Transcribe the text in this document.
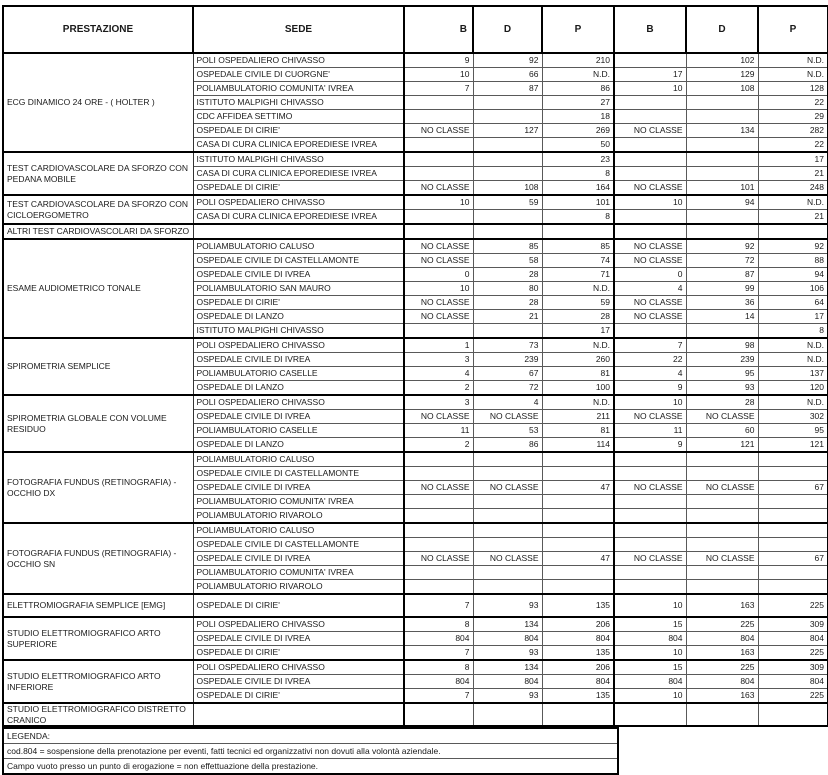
PRESTAZIONE	SEDE	B	D	P	B	D	P
ECG DINAMICO 24 ORE - ( HOLTER )	POLI OSPEDALIERO CHIVASSO	9	92	210		102	N.D.
	OSPEDALE CIVILE DI CUORGNE'	10	66	N.D.	17	129	N.D.
	POLIAMBULATORIO COMUNITA' IVREA	7	87	86	10	108	128
	ISTITUTO MALPIGHI CHIVASSO			27			22
	CDC AFFIDEA SETTIMO			18			29
	OSPEDALE DI CIRIE'	NO CLASSE	127	269	NO CLASSE	134	282
	CASA DI CURA CLINICA EPOREDIESE IVREA			50			22
TEST CARDIOVASCOLARE DA SFORZO CON PEDANA MOBILE	ISTITUTO MALPIGHI CHIVASSO			23			17
	CASA DI CURA CLINICA EPOREDIESE IVREA			8			21
	OSPEDALE DI CIRIE'	NO CLASSE	108	164	NO CLASSE	101	248
TEST CARDIOVASCOLARE DA SFORZO CON CICLOERGOMETRO	POLI OSPEDALIERO CHIVASSO	10	59	101	10	94	N.D.
	CASA DI CURA CLINICA EPOREDIESE IVREA			8			21
ALTRI TEST CARDIOVASCOLARI DA SFORZO							
ESAME AUDIOMETRICO TONALE	POLIAMBULATORIO CALUSO	NO CLASSE	85	85	NO CLASSE	92	92
	OSPEDALE CIVILE DI CASTELLAMONTE	NO CLASSE	58	74	NO CLASSE	72	88
	OSPEDALE CIVILE DI IVREA	0	28	71	0	87	94
	POLIAMBULATORIO SAN MAURO	10	80	N.D.	4	99	106
	OSPEDALE DI CIRIE'	NO CLASSE	28	59	NO CLASSE	36	64
	OSPEDALE DI LANZO	NO CLASSE	21	28	NO CLASSE	14	17
	ISTITUTO MALPIGHI CHIVASSO			17			8
SPIROMETRIA SEMPLICE	POLI OSPEDALIERO CHIVASSO	1	73	N.D.	7	98	N.D.
	OSPEDALE CIVILE DI IVREA	3	239	260	22	239	N.D.
	POLIAMBULATORIO CASELLE	4	67	81	4	95	137
	OSPEDALE DI LANZO	2	72	100	9	93	120
SPIROMETRIA GLOBALE CON VOLUME RESIDUO	POLI OSPEDALIERO CHIVASSO	3	4	N.D.	10	28	N.D.
	OSPEDALE CIVILE DI IVREA	NO CLASSE	NO CLASSE	211	NO CLASSE	NO CLASSE	302
	POLIAMBULATORIO CASELLE	11	53	81	11	60	95
	OSPEDALE DI LANZO	2	86	114	9	121	121
FOTOGRAFIA FUNDUS (RETINOGRAFIA) - OCCHIO DX	POLIAMBULATORIO CALUSO						
	OSPEDALE CIVILE DI CASTELLAMONTE						
	OSPEDALE CIVILE DI IVREA	NO CLASSE	NO CLASSE	47	NO CLASSE	NO CLASSE	67
	POLIAMBULATORIO COMUNITA' IVREA						
	POLIAMBULATORIO RIVAROLO						
FOTOGRAFIA FUNDUS (RETINOGRAFIA) - OCCHIO SN	POLIAMBULATORIO CALUSO						
	OSPEDALE CIVILE DI CASTELLAMONTE						
	OSPEDALE CIVILE DI IVREA	NO CLASSE	NO CLASSE	47	NO CLASSE	NO CLASSE	67
	POLIAMBULATORIO COMUNITA' IVREA						
	POLIAMBULATORIO RIVAROLO						
ELETTROMIOGRAFIA SEMPLICE [EMG]	OSPEDALE DI CIRIE'	7	93	135	10	163	225
STUDIO ELETTROMIOGRAFICO ARTO SUPERIORE	POLI OSPEDALIERO CHIVASSO	8	134	206	15	225	309
	OSPEDALE CIVILE DI IVREA	804	804	804	804	804	804
	OSPEDALE DI CIRIE'	7	93	135	10	163	225
STUDIO ELETTROMIOGRAFICO ARTO INFERIORE	POLI OSPEDALIERO CHIVASSO	8	134	206	15	225	309
	OSPEDALE CIVILE DI IVREA	804	804	804	804	804	804
	OSPEDALE DI CIRIE'	7	93	135	10	163	225
STUDIO ELETTROMIOGRAFICO DISTRETTO CRANICO							
LEGENDA:
cod.804 = sospensione della prenotazione per eventi, fatti tecnici ed organizzativi non dovuti alla volontà aziendale.
Campo vuoto presso un punto di erogazione = non effettuazione della prestazione.
